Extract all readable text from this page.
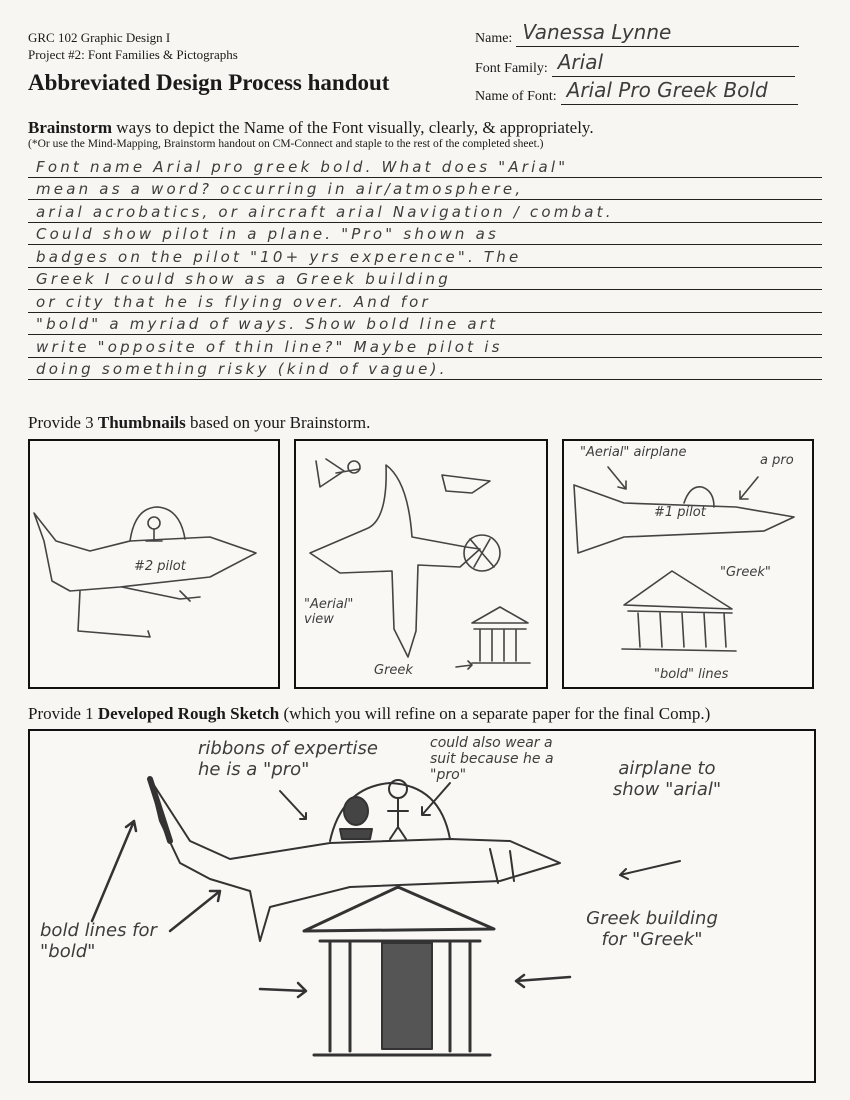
GRC 102 Graphic Design I
Project #2: Font Families & Pictographs
Abbreviated Design Process handout
Name: Vanessa Lynne
Font Family: Arial
Name of Font: Arial Pro Greek Bold
Brainstorm ways to depict the Name of the Font visually, clearly, & appropriately.
(*Or use the Mind-Mapping, Brainstorm handout on CM-Connect and staple to the rest of the completed sheet.)
Font name Arial pro greek bold. What does "Arial"
mean as a word? occurring in air/atmosphere,
arial acrobatics, or aircraft arial Navigation / combat.
Could show pilot in a plane. "Pro" shown as
badges on the pilot "10+ yrs experence". The
Greek I could show as a Greek building
or city that he is flying over. And for
"bold" a myriad of ways. Show bold line art
write "opposite of thin line?" Maybe pilot is
doing something risky (kind of vague).
Provide 3 Thumbnails based on your Brainstorm.
#2 pilot
"Aerial" view
Greek
"Aerial" airplane
a pro
#1 pilot
"Greek"
"bold" lines
Provide 1 Developed Rough Sketch (which you will refine on a separate paper for the final Comp.)
ribbons of expertise he is a "pro"
could also wear a suit because he a "pro"	airplane to show "arial"
bold lines for "bold"
Greek building for "Greek"
